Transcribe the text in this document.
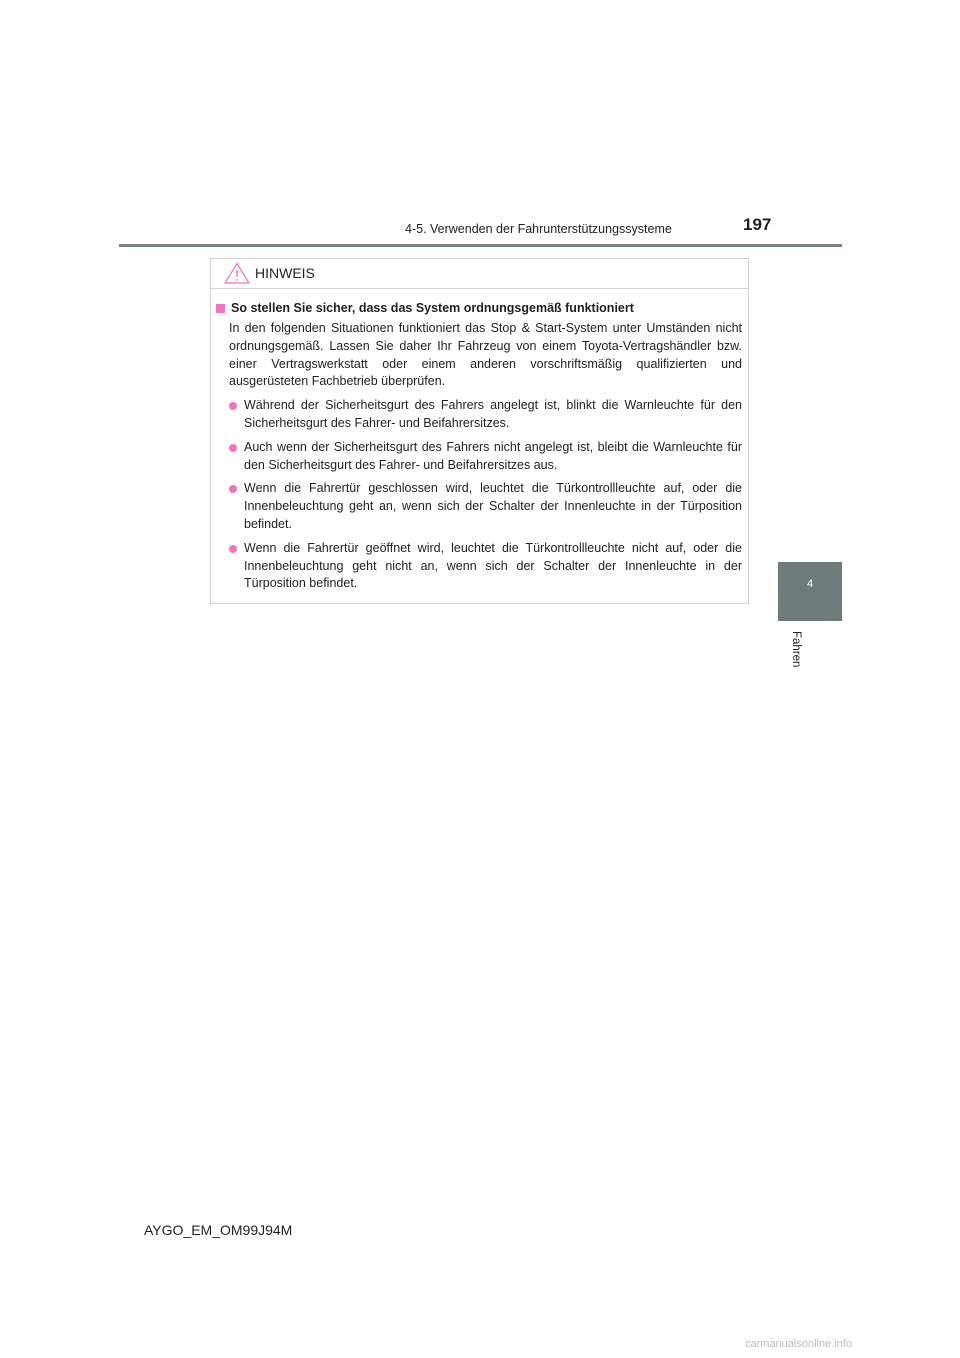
4-5. Verwenden der Fahrunterstützungssysteme	197
4
Fahren
HINWEIS
So stellen Sie sicher, dass das System ordnungsgemäß funktioniert

In den folgenden Situationen funktioniert das Stop & Start-System unter Umständen nicht ordnungsgemäß. Lassen Sie daher Ihr Fahrzeug von einem Toyota-Vertragshändler bzw. einer Vertragswerkstatt oder einem anderen vorschriftsmäßig qualifizierten und ausgerüsteten Fachbetrieb überprüfen.

Während der Sicherheitsgurt des Fahrers angelegt ist, blinkt die Warnleuchte für den Sicherheitsgurt des Fahrer- und Beifahrersitzes.
Auch wenn der Sicherheitsgurt des Fahrers nicht angelegt ist, bleibt die Warnleuchte für den Sicherheitsgurt des Fahrer- und Beifahrersitzes aus.
Wenn die Fahrertür geschlossen wird, leuchtet die Türkontrollleuchte auf, oder die Innenbeleuchtung geht an, wenn sich der Schalter der Innenleuchte in der Türposition befindet.
Wenn die Fahrertür geöffnet wird, leuchtet die Türkontrollleuchte nicht auf, oder die Innenbeleuchtung geht nicht an, wenn sich der Schalter der Innenleuchte in der Türposition befindet.
AYGO_EM_OM99J94M
carmanualsonline.info
